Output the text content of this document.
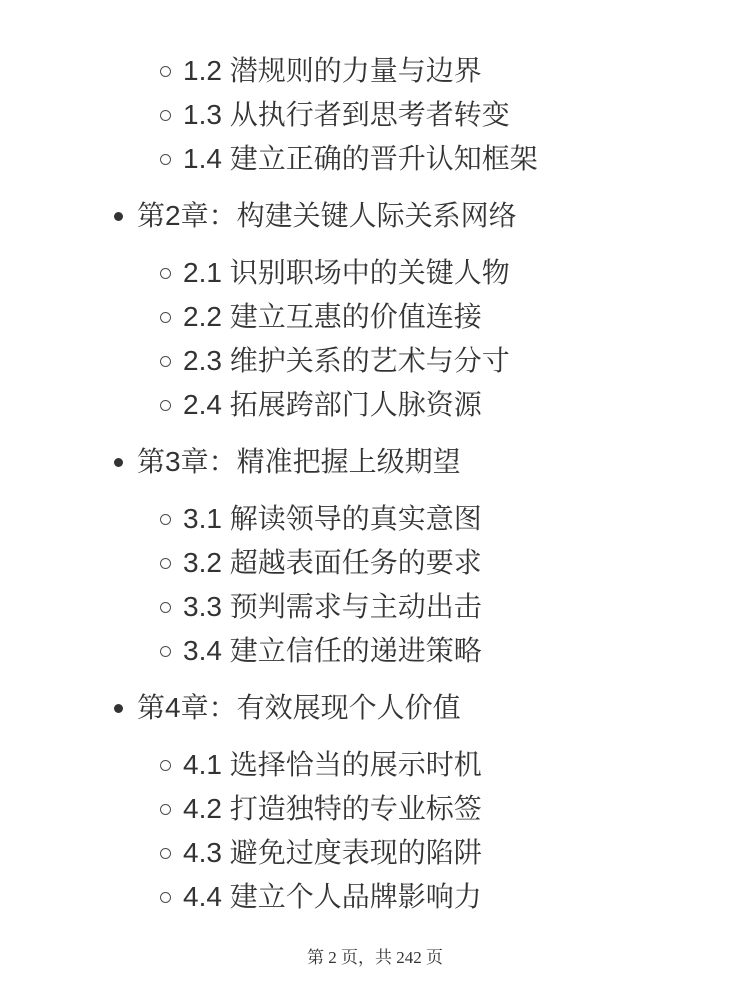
1.2 潜规则的力量与边界
1.3 从执行者到思考者转变
1.4 建立正确的晋升认知框架
第2章：构建关键人际关系网络
2.1 识别职场中的关键人物
2.2 建立互惠的价值连接
2.3 维护关系的艺术与分寸
2.4 拓展跨部门人脉资源
第3章：精准把握上级期望
3.1 解读领导的真实意图
3.2 超越表面任务的要求
3.3 预判需求与主动出击
3.4 建立信任的递进策略
第4章：有效展现个人价值
4.1 选择恰当的展示时机
4.2 打造独特的专业标签
4.3 避免过度表现的陷阱
4.4 建立个人品牌影响力
第 2 页，共 242 页
